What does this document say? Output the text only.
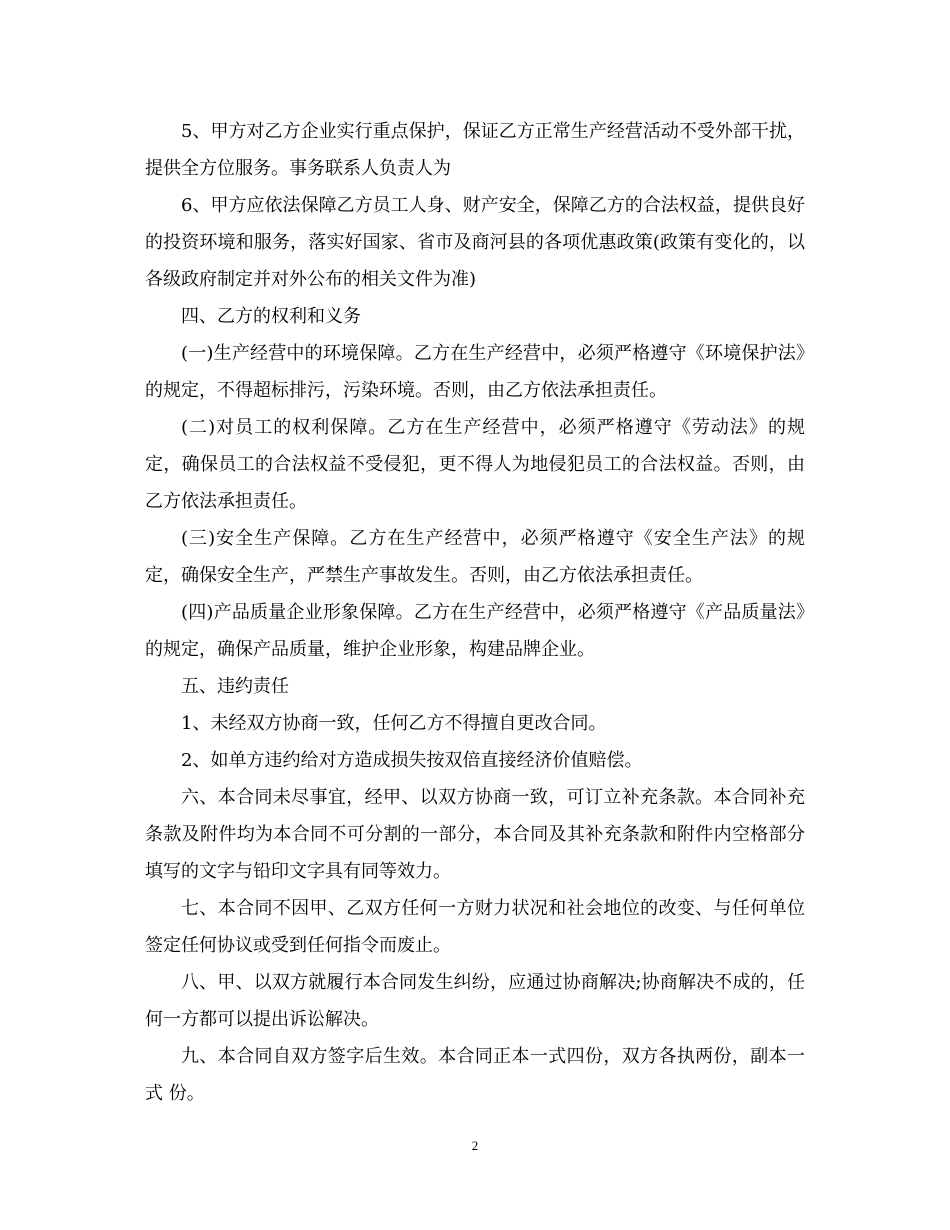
5、甲方对乙方企业实行重点保护，保证乙方正常生产经营活动不受外部干扰，提供全方位服务。事务联系人负责人为

6、甲方应依法保障乙方员工人身、财产安全，保障乙方的合法权益，提供良好的投资环境和服务，落实好国家、省市及商河县的各项优惠政策(政策有变化的，以各级政府制定并对外公布的相关文件为准)

四、乙方的权利和义务

(一)生产经营中的环境保障。乙方在生产经营中，必须严格遵守《环境保护法》的规定，不得超标排污，污染环境。否则，由乙方依法承担责任。

(二)对员工的权利保障。乙方在生产经营中，必须严格遵守《劳动法》的规定，确保员工的合法权益不受侵犯，更不得人为地侵犯员工的合法权益。否则，由乙方依法承担责任。

(三)安全生产保障。乙方在生产经营中，必须严格遵守《安全生产法》的规定，确保安全生产，严禁生产事故发生。否则，由乙方依法承担责任。

(四)产品质量企业形象保障。乙方在生产经营中，必须严格遵守《产品质量法》的规定，确保产品质量，维护企业形象，构建品牌企业。

五、违约责任

1、未经双方协商一致，任何乙方不得擅自更改合同。

2、如单方违约给对方造成损失按双倍直接经济价值赔偿。

六、本合同未尽事宜，经甲、以双方协商一致，可订立补充条款。本合同补充条款及附件均为本合同不可分割的一部分，本合同及其补充条款和附件内空格部分填写的文字与铅印文字具有同等效力。

七、本合同不因甲、乙双方任何一方财力状况和社会地位的改变、与任何单位签定任何协议或受到任何指令而废止。

八、甲、以双方就履行本合同发生纠纷，应通过协商解决;协商解决不成的，任何一方都可以提出诉讼解决。

九、本合同自双方签字后生效。本合同正本一式四份，双方各执两份，副本一式 份。

2
